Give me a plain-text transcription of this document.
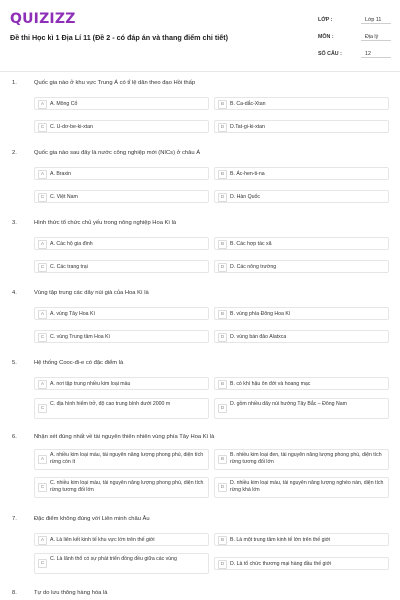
QUIZIZZ
Đề thi Học kì 1 Địa Lí 11 (Đề 2 - có đáp án và thang điểm chi tiết)
LỚP :	Lớp 11
MÔN :	Địa lý
SỐ CÂU :	12
1.	Quốc gia nào ở khu vực Trung Á có tỉ lệ dân theo đạo Hồi thấp
A	A. Mông Cổ	B	B. Ca-dắc-Xtan
C	C. U-dơ-be-ki-xtan	D	D.Tat-gi-ki-xtan
2.	Quốc gia nào sau đây là nước công nghiệp mới (NICs) ở châu Á
A	A. Braxin	B	B. Ác-hen-ti-na
C	C. Việt Nam	D	D. Hàn Quốc
3.	Hình thức tổ chức chủ yếu trong nông nghiệp Hoa Kì là
A	A. Các hộ gia đình	B	B. Các hợp tác xã
C	C. Các trang trại	D	D. Các nông trường
4.	Vùng tập trung các dãy núi già của Hoa Kì là
A	A. vùng Tây Hoa Kì	B	B. vùng phía Đông Hoa Kì
C	C. vùng Trung tâm Hoa Kì	D	D. vùng bán đảo Alatxca
5.	Hệ thống Cooc-đi-e có đặc điểm là
A	A. nơi tập trung nhiều kim loại màu	B	B. có khí hậu ôn đới và hoang mạc
C
C. địa hình hiểm trở, độ cao trung bình dưới 2000 m
D
D. gồm nhiều dãy núi hướng Tây Bắc – Đông Nam
6.	Nhận xét đúng nhất về tài nguyên thiên nhiên vùng phía Tây Hoa Kì là
A
A. nhiều kim loại màu, tài nguyên năng lượng phong phú, diện tích rừng còn ít	B
B. nhiều kim loại đen, tài nguyên năng lượng phong phú, diện tích rừng tương đối lớn
C
C. nhiều kim loại màu, tài nguyên năng lượng phong phú, diện tích rừng tương đối lớn	D
D. nhiều kim loại màu, tài nguyên năng lượng nghèo nàn, diện tích rừng khá lớn
7.	Đặc điểm không đúng với Liên minh châu Âu
A	A. Là liên kết kinh tế khu vực lớn trên thế giới	B	B. Là một trung tâm kinh tế lớn trên thế giới
C
C. Là lãnh thổ có sự phát triển đồng đều giữa các vùng
D	D. Là tổ chức thương mại hàng đầu thế giới
8.	Tự do lưu thông hàng hóa là
